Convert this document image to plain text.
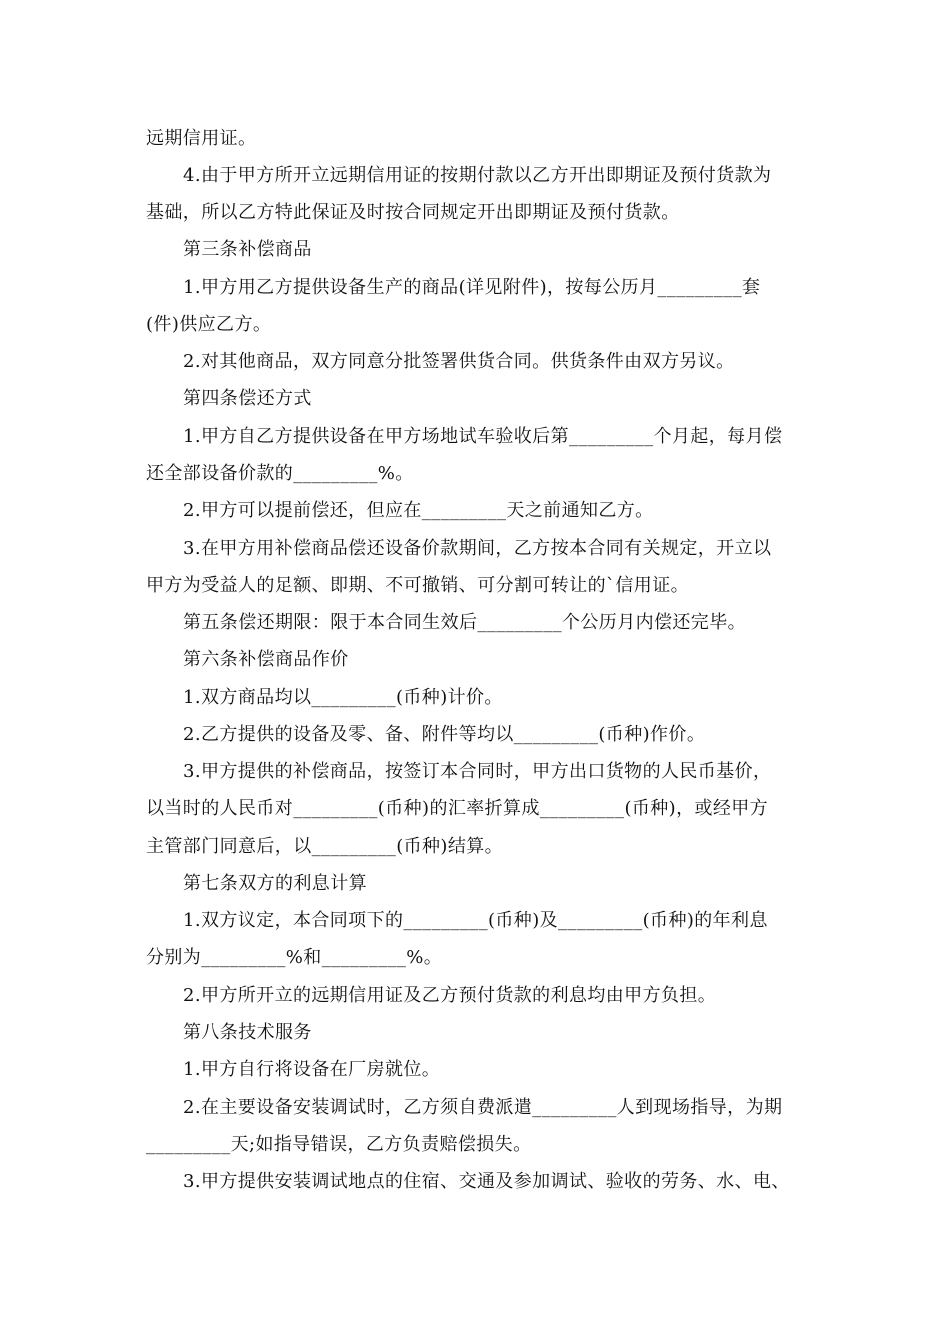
远期信用证。
4.由于甲方所开立远期信用证的按期付款以乙方开出即期证及预付货款为
基础，所以乙方特此保证及时按合同规定开出即期证及预付货款。
第三条补偿商品
1.甲方用乙方提供设备生产的商品(详见附件)，按每公历月_________套
(件)供应乙方。
2.对其他商品，双方同意分批签署供货合同。供货条件由双方另议。
第四条偿还方式
1.甲方自乙方提供设备在甲方场地试车验收后第_________个月起，每月偿
还全部设备价款的_________%。
2.甲方可以提前偿还，但应在_________天之前通知乙方。
3.在甲方用补偿商品偿还设备价款期间，乙方按本合同有关规定，开立以
甲方为受益人的足额、即期、不可撤销、可分割可转让的`信用证。
第五条偿还期限：限于本合同生效后_________个公历月内偿还完毕。
第六条补偿商品作价
1.双方商品均以_________(币种)计价。
2.乙方提供的设备及零、备、附件等均以_________(币种)作价。
3.甲方提供的补偿商品，按签订本合同时，甲方出口货物的人民币基价，
以当时的人民币对_________(币种)的汇率折算成_________(币种)，或经甲方
主管部门同意后，以_________(币种)结算。
第七条双方的利息计算
1.双方议定，本合同项下的_________(币种)及_________(币种)的年利息
分别为_________%和_________%。
2.甲方所开立的远期信用证及乙方预付货款的利息均由甲方负担。
第八条技术服务
1.甲方自行将设备在厂房就位。
2.在主要设备安装调试时，乙方须自费派遣_________人到现场指导，为期
_________天;如指导错误，乙方负责赔偿损失。
3.甲方提供安装调试地点的住宿、交通及参加调试、验收的劳务、水、电、
